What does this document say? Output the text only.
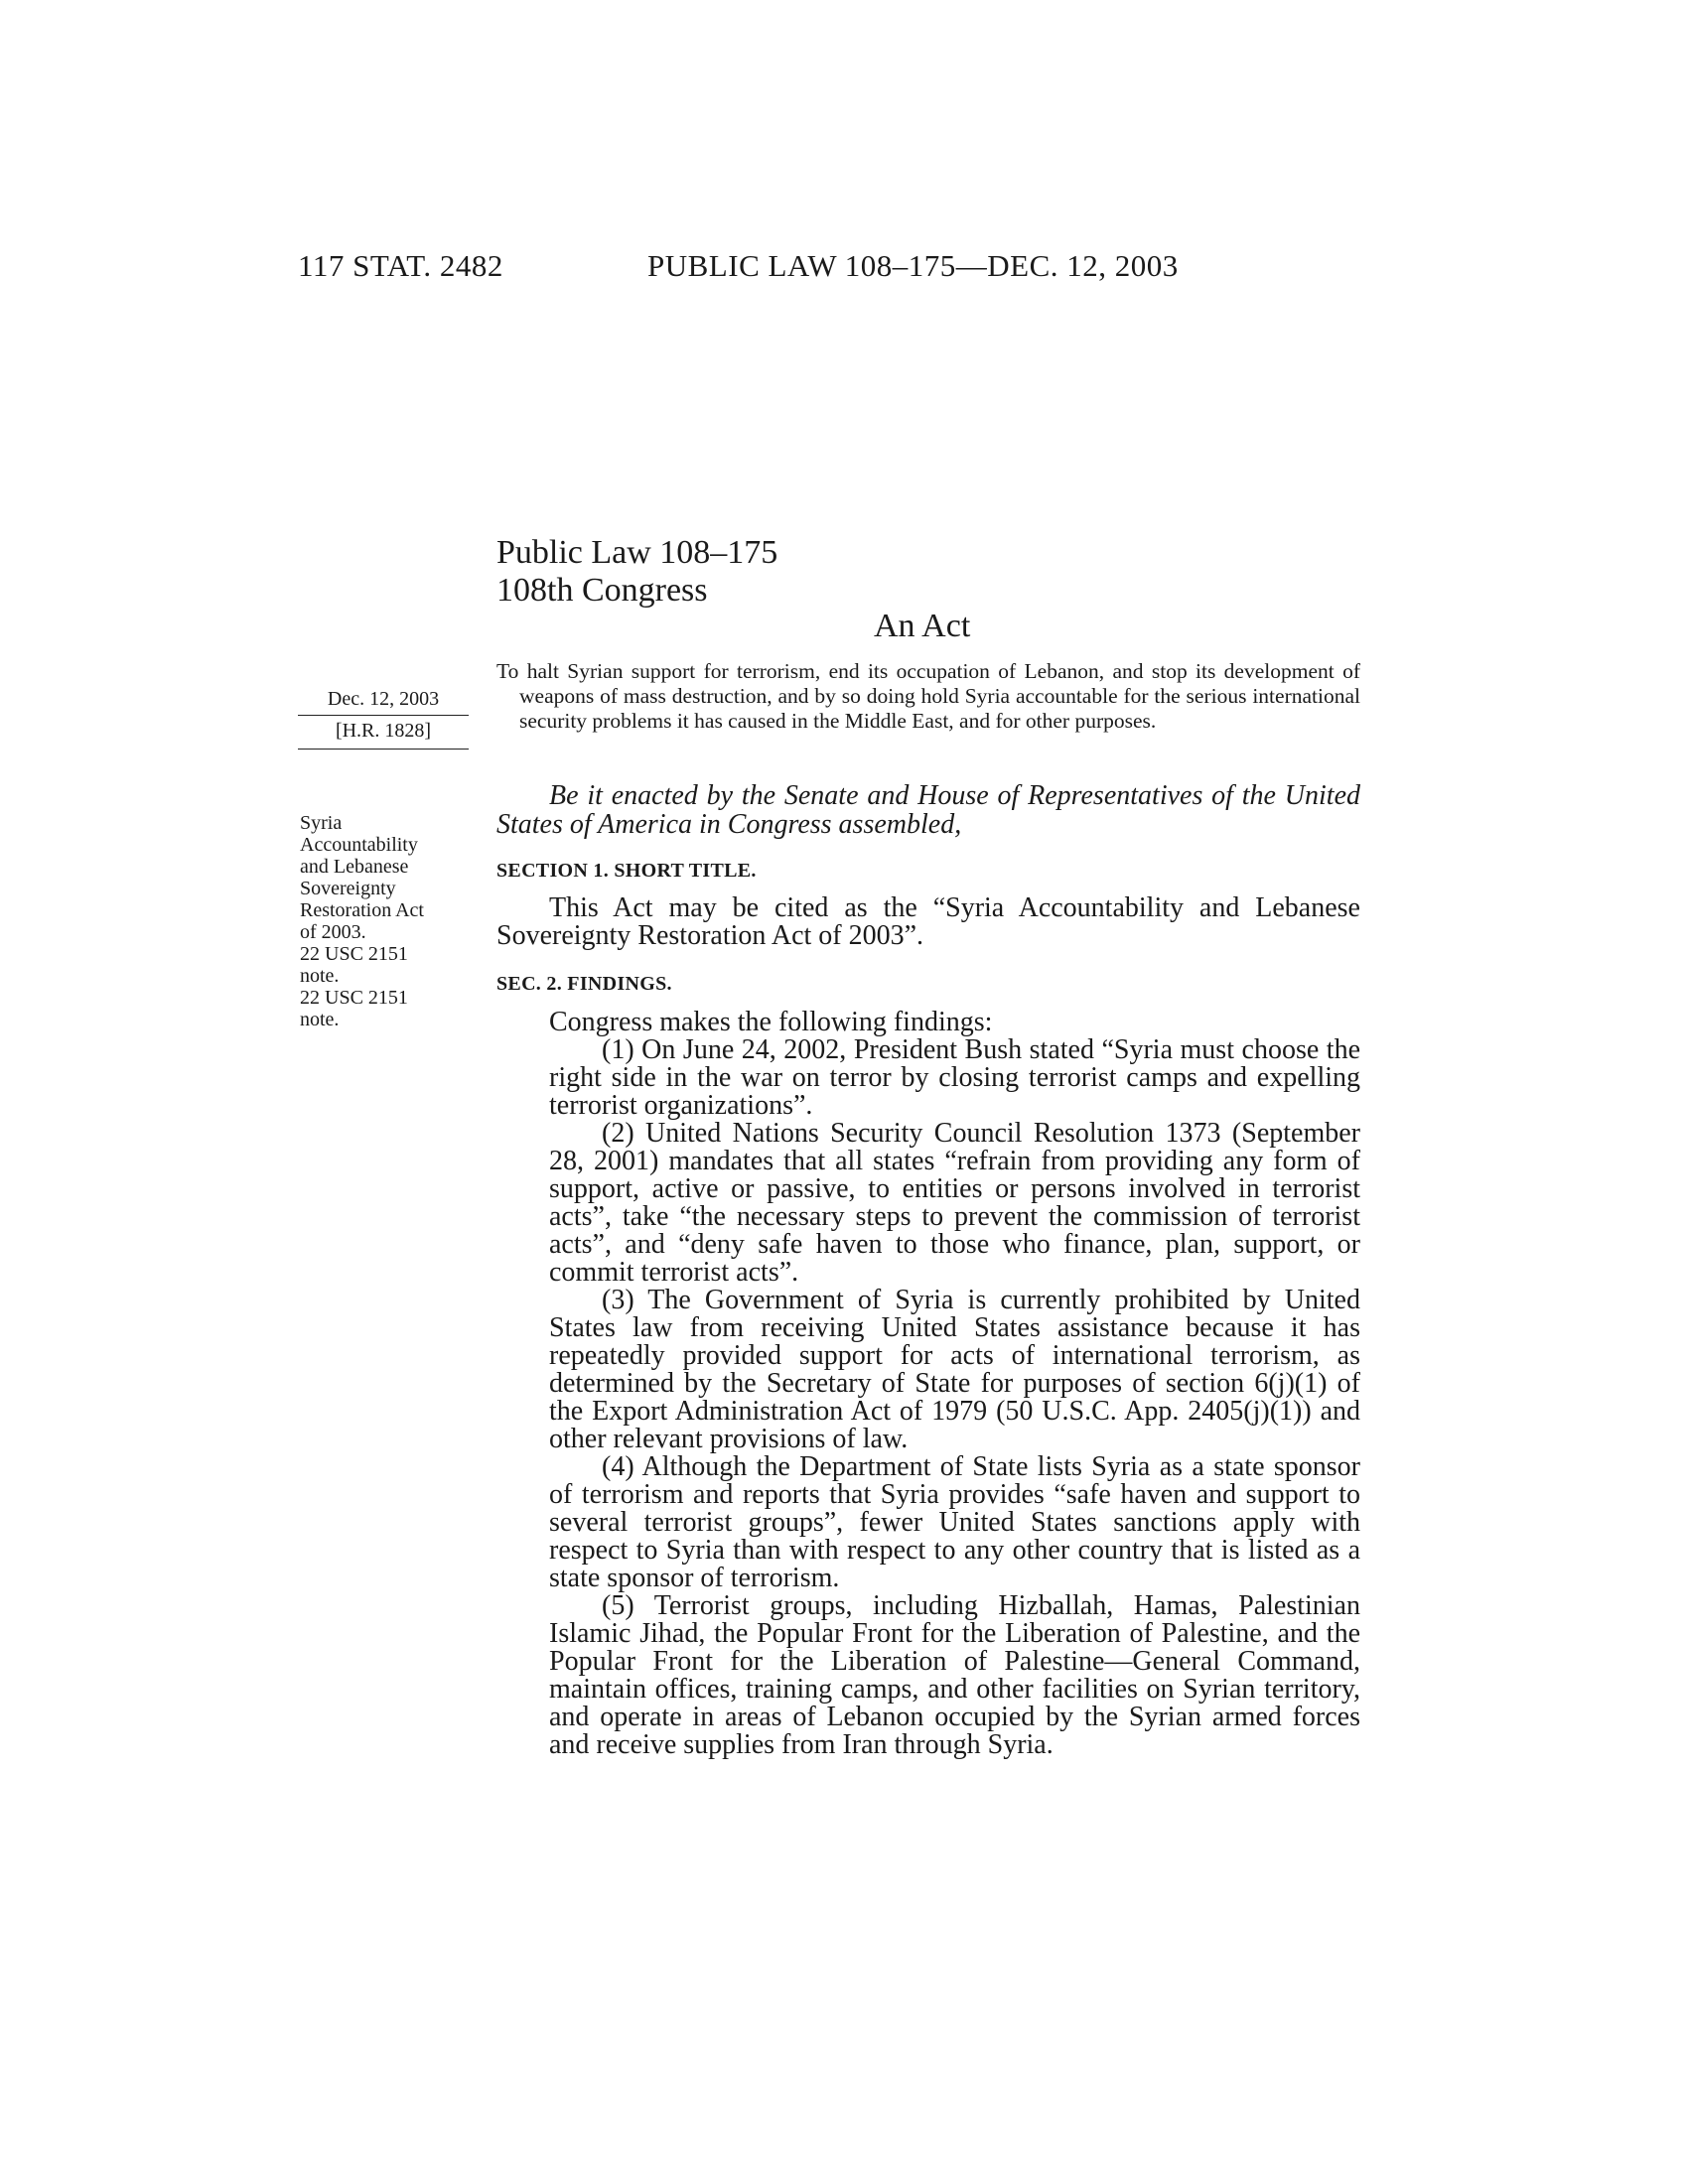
117 STAT. 2482	PUBLIC LAW 108–175—DEC. 12, 2003
Public Law 108–175
108th Congress
An Act

To halt Syrian support for terrorism, end its occupation of Lebanon, and stop its development of weapons of mass destruction, and by so doing hold Syria accountable for the serious international security problems it has caused in the Middle East, and for other purposes.

Dec. 12, 2003
[H.R. 1828]
Syria
Accountability
and Lebanese
Sovereignty
Restoration Act
of 2003.
22 USC 2151
note.
22 USC 2151
note.
Be it enacted by the Senate and House of Representatives of the United States of America in Congress assembled,
SECTION 1. SHORT TITLE.

This Act may be cited as the “Syria Accountability and Lebanese Sovereignty Restoration Act of 2003”.

SEC. 2. FINDINGS.

Congress makes the following findings:

(1) On June 24, 2002, President Bush stated “Syria must choose the right side in the war on terror by closing terrorist camps and expelling terrorist organizations”.

(2) United Nations Security Council Resolution 1373 (September 28, 2001) mandates that all states “refrain from providing any form of support, active or passive, to entities or persons involved in terrorist acts”, take “the necessary steps to prevent the commission of terrorist acts”, and “deny safe haven to those who finance, plan, support, or commit terrorist acts”.

(3) The Government of Syria is currently prohibited by United States law from receiving United States assistance because it has repeatedly provided support for acts of international terrorism, as determined by the Secretary of State for purposes of section 6(j)(1) of the Export Administration Act of 1979 (50 U.S.C. App. 2405(j)(1)) and other relevant provisions of law.

(4) Although the Department of State lists Syria as a state sponsor of terrorism and reports that Syria provides “safe haven and support to several terrorist groups”, fewer United States sanctions apply with respect to Syria than with respect to any other country that is listed as a state sponsor of terrorism.

(5) Terrorist groups, including Hizballah, Hamas, Palestinian Islamic Jihad, the Popular Front for the Liberation of Palestine, and the Popular Front for the Liberation of Palestine—General Command, maintain offices, training camps, and other facilities on Syrian territory, and operate in areas of Lebanon occupied by the Syrian armed forces and receive supplies from Iran through Syria.
